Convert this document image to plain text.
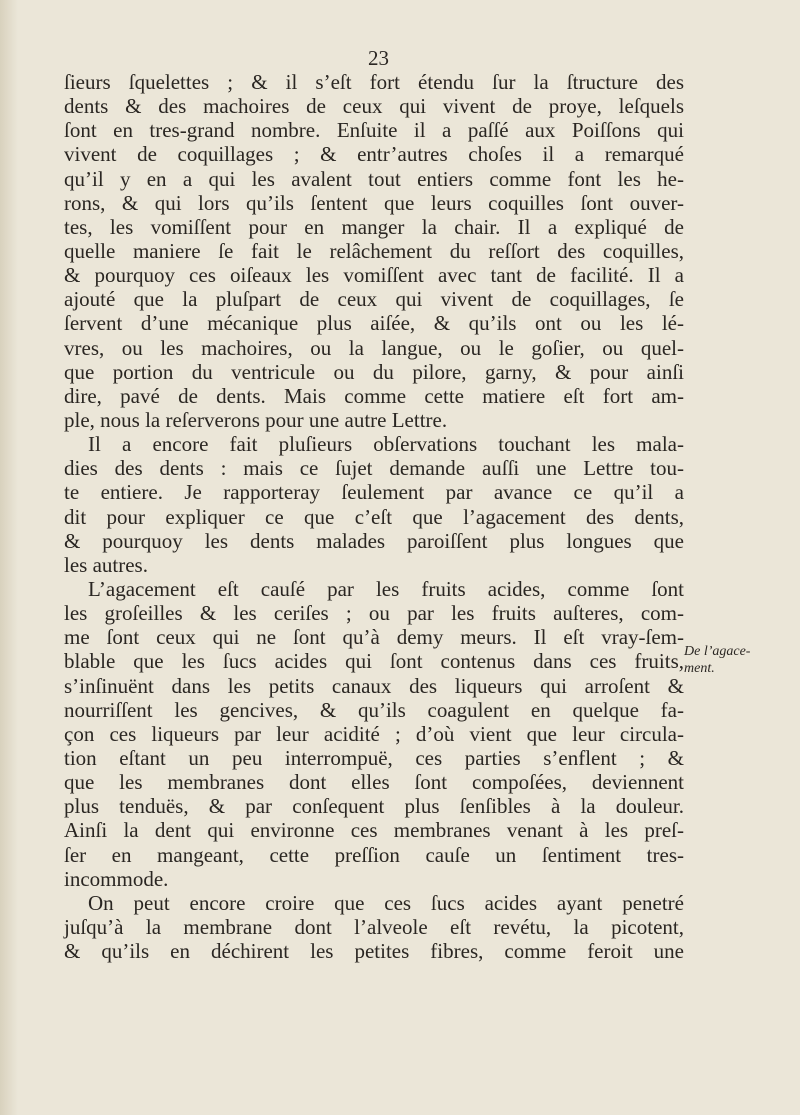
23
ſieurs ſquelettes ; & il s’eſt fort étendu ſur la ſtructure des
dents & des machoires de ceux qui vivent de proye, leſquels
ſont en tres-grand nombre. Enſuite il a paſſé aux Poiſſons qui
vivent de coquillages ; & entr’autres choſes il a remarqué
qu’il y en a qui les avalent tout entiers comme font les he-
rons, & qui lors qu’ils ſentent que leurs coquilles ſont ouver-
tes, les vomiſſent pour en manger la chair. Il a expliqué de
quelle maniere ſe fait le relâchement du reſſort des coquilles,
& pourquoy ces oiſeaux les vomiſſent avec tant de facilité. Il a
ajouté que la pluſpart de ceux qui vivent de coquillages, ſe
ſervent d’une mécanique plus aiſée, & qu’ils ont ou les lé-
vres, ou les machoires, ou la langue, ou le goſier, ou quel-
que portion du ventricule ou du pilore, garny, & pour ainſi
dire, pavé de dents. Mais comme cette matiere eſt fort am-
ple, nous la reſerverons pour une autre Lettre.
Il a encore fait pluſieurs obſervations touchant les mala-
dies des dents : mais ce ſujet demande auſſi une Lettre tou-
te entiere. Je rapporteray ſeulement par avance ce qu’il a
dit pour expliquer ce que c’eſt que l’agacement des dents,
& pourquoy les dents malades paroiſſent plus longues que
les autres.
L’agacement eſt cauſé par les fruits acides, comme ſont
les groſeilles & les ceriſes ; ou par les fruits auſteres, com-
me ſont ceux qui ne ſont qu’à demy meurs. Il eſt vray-ſem-
blable que les ſucs acides qui ſont contenus dans ces fruits,
s’inſinuënt dans les petits canaux des liqueurs qui arroſent &
nourriſſent les gencives, & qu’ils coagulent en quelque fa-
çon ces liqueurs par leur acidité ; d’où vient que leur circula-
tion eſtant un peu interrompuë, ces parties s’enflent ; &
que les membranes dont elles ſont compoſées, deviennent
plus tenduës, & par conſequent plus ſenſibles à la douleur.
Ainſi la dent qui environne ces membranes venant à les preſ-
ſer en mangeant, cette preſſion cauſe un ſentiment tres-
incommode.
On peut encore croire que ces ſucs acides ayant penetré
juſqu’à la membrane dont l’alveole eſt revétu, la picotent,
& qu’ils en déchirent les petites fibres, comme feroit une
De l’agace-
ment.
